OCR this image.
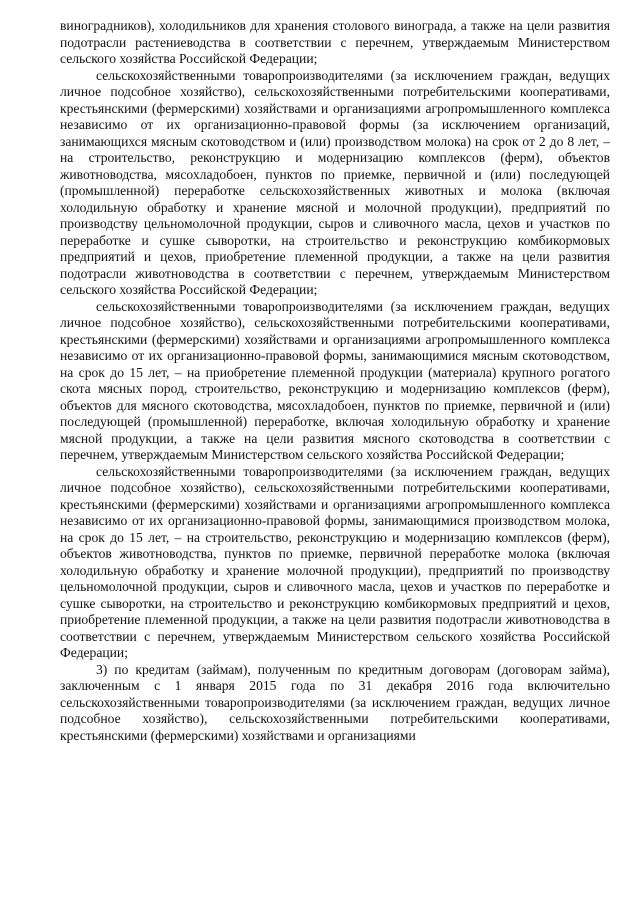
виноградников), холодильников для хранения столового винограда, а также на цели развития подотрасли растениеводства в соответствии с перечнем, утверждаемым Министерством сельского хозяйства Российской Федерации;

сельскохозяйственными товаропроизводителями (за исключением граждан, ведущих личное подсобное хозяйство), сельскохозяйственными потребительскими кооперативами, крестьянскими (фермерскими) хозяйствами и организациями агропромышленного комплекса независимо от их организационно-правовой формы (за исключением организаций, занимающихся мясным скотоводством и (или) производством молока) на срок от 2 до 8 лет, – на строительство, реконструкцию и модернизацию комплексов (ферм), объектов животноводства, мясохладобоен, пунктов по приемке, первичной и (или) последующей (промышленной) переработке сельскохозяйственных животных и молока (включая холодильную обработку и хранение мясной и молочной продукции), предприятий по производству цельномолочной продукции, сыров и сливочного масла, цехов и участков по переработке и сушке сыворотки, на строительство и реконструкцию комбикормовых предприятий и цехов, приобретение племенной продукции, а также на цели развития подотрасли животноводства в соответствии с перечнем, утверждаемым Министерством сельского хозяйства Российской Федерации;

сельскохозяйственными товаропроизводителями (за исключением граждан, ведущих личное подсобное хозяйство), сельскохозяйственными потребительскими кооперативами, крестьянскими (фермерскими) хозяйствами и организациями агропромышленного комплекса независимо от их организационно-правовой формы, занимающимися мясным скотоводством, на срок до 15 лет, – на приобретение племенной продукции (материала) крупного рогатого скота мясных пород, строительство, реконструкцию и модернизацию комплексов (ферм), объектов для мясного скотоводства, мясохладобоен, пунктов по приемке, первичной и (или) последующей (промышленной) переработке, включая холодильную обработку и хранение мясной продукции, а также на цели развития мясного скотоводства в соответствии с перечнем, утверждаемым Министерством сельского хозяйства Российской Федерации;

сельскохозяйственными товаропроизводителями (за исключением граждан, ведущих личное подсобное хозяйство), сельскохозяйственными потребительскими кооперативами, крестьянскими (фермерскими) хозяйствами и организациями агропромышленного комплекса независимо от их организационно-правовой формы, занимающимися производством молока, на срок до 15 лет, – на строительство, реконструкцию и модернизацию комплексов (ферм), объектов животноводства, пунктов по приемке, первичной переработке молока (включая холодильную обработку и хранение молочной продукции), предприятий по производству цельномолочной продукции, сыров и сливочного масла, цехов и участков по переработке и сушке сыворотки, на строительство и реконструкцию комбикормовых предприятий и цехов, приобретение племенной продукции, а также на цели развития подотрасли животноводства в соответствии с перечнем, утверждаемым Министерством сельского хозяйства Российской Федерации;

3) по кредитам (займам), полученным по кредитным договорам (договорам займа), заключенным с 1 января 2015 года по 31 декабря 2016 года включительно сельскохозяйственными товаропроизводителями (за исключением граждан, ведущих личное подсобное хозяйство), сельскохозяйственными потребительскими кооперативами, крестьянскими (фермерскими) хозяйствами и организациями
